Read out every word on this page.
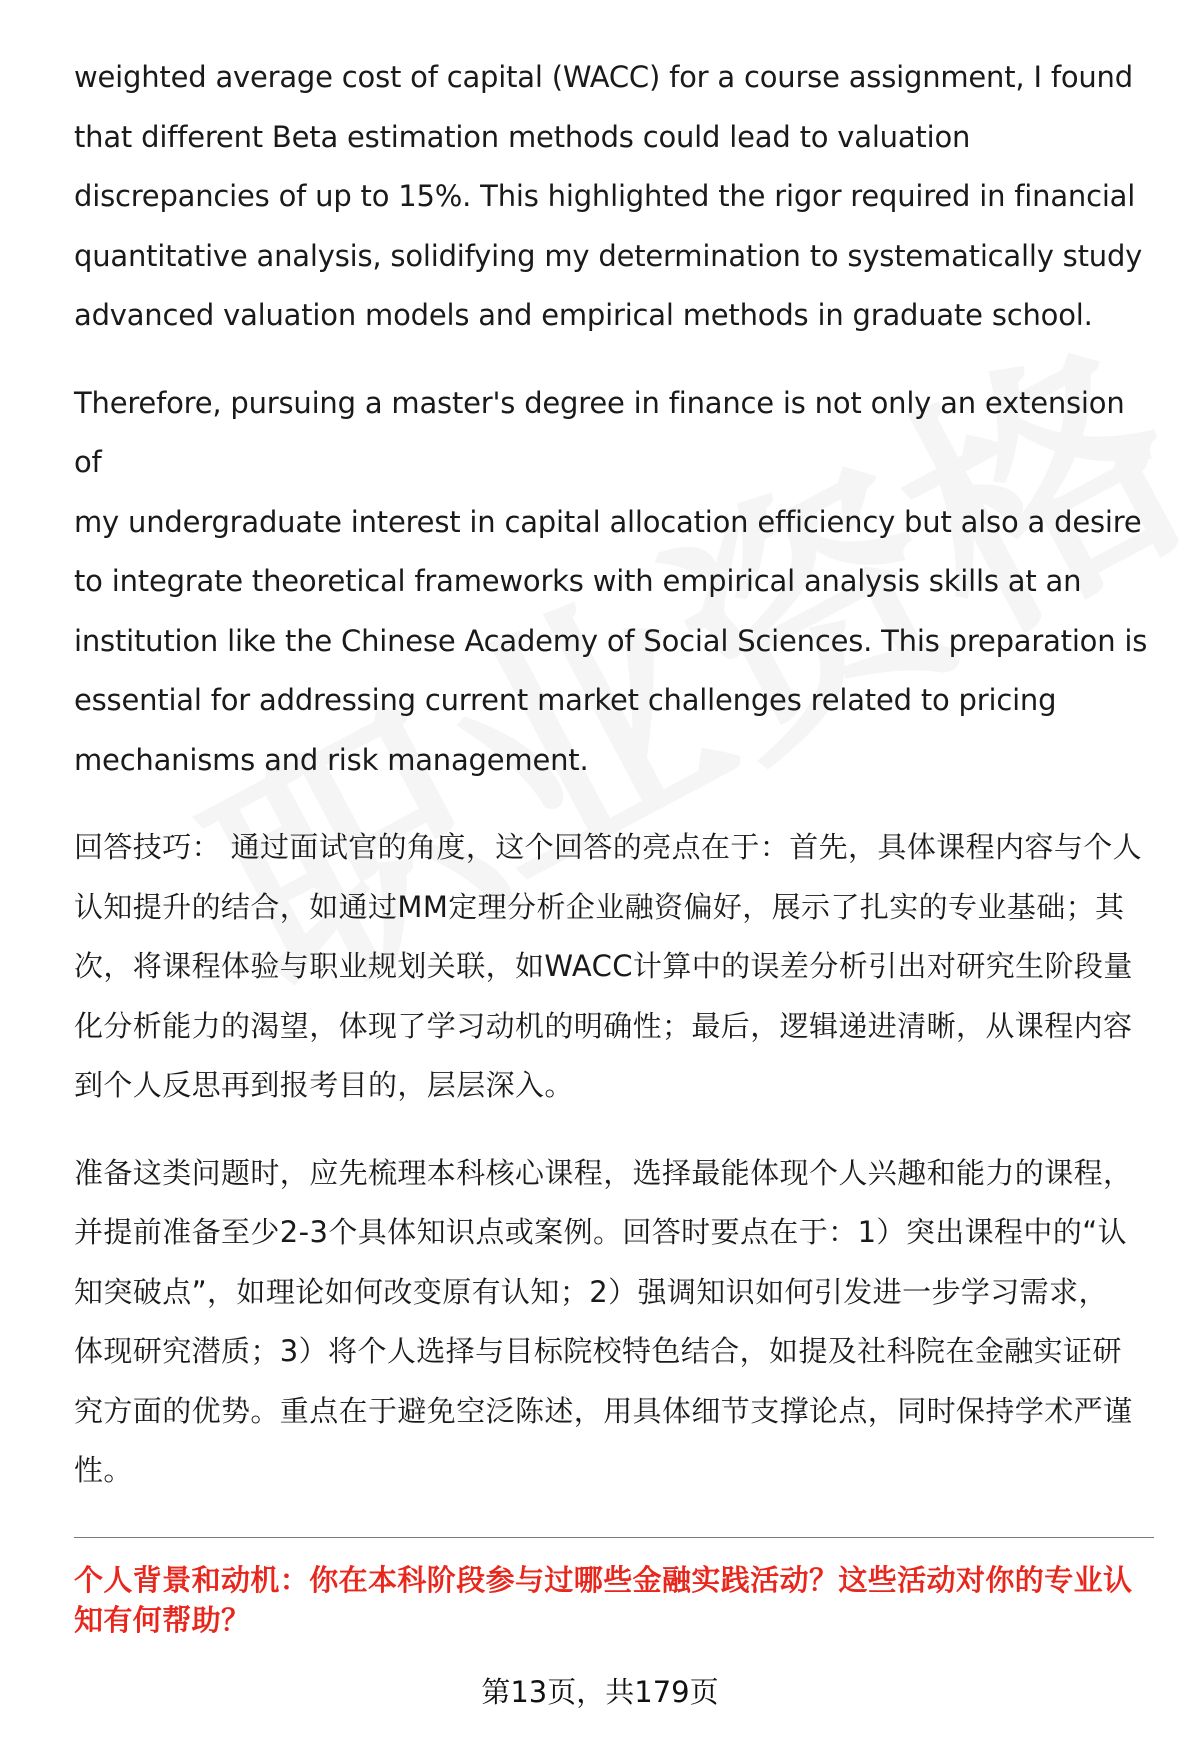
weighted average cost of capital (WACC) for a course assignment, I found
that different Beta estimation methods could lead to valuation
discrepancies of up to 15%. This highlighted the rigor required in financial
quantitative analysis, solidifying my determination to systematically study
advanced valuation models and empirical methods in graduate school.
Therefore, pursuing a master's degree in finance is not only an extension of
my undergraduate interest in capital allocation efficiency but also a desire
to integrate theoretical frameworks with empirical analysis skills at an
institution like the Chinese Academy of Social Sciences. This preparation is
essential for addressing current market challenges related to pricing
mechanisms and risk management.
回答技巧： 通过面试官的角度，这个回答的亮点在于：首先，具体课程内容与个人
认知提升的结合，如通过MM定理分析企业融资偏好，展示了扎实的专业基础；其
次，将课程体验与职业规划关联，如WACC计算中的误差分析引出对研究生阶段量
化分析能力的渴望，体现了学习动机的明确性；最后，逻辑递进清晰，从课程内容
到个人反思再到报考目的，层层深入。
准备这类问题时，应先梳理本科核心课程，选择最能体现个人兴趣和能力的课程，
并提前准备至少2-3个具体知识点或案例。回答时要点在于：1）突出课程中的“认
知突破点”，如理论如何改变原有认知；2）强调知识如何引发进一步学习需求，
体现研究潜质；3）将个人选择与目标院校特色结合，如提及社科院在金融实证研
究方面的优势。重点在于避免空泛陈述，用具体细节支撑论点，同时保持学术严谨
性。
个人背景和动机：你在本科阶段参与过哪些金融实践活动？这些活动对你的专业认
知有何帮助？
第13页，共179页
